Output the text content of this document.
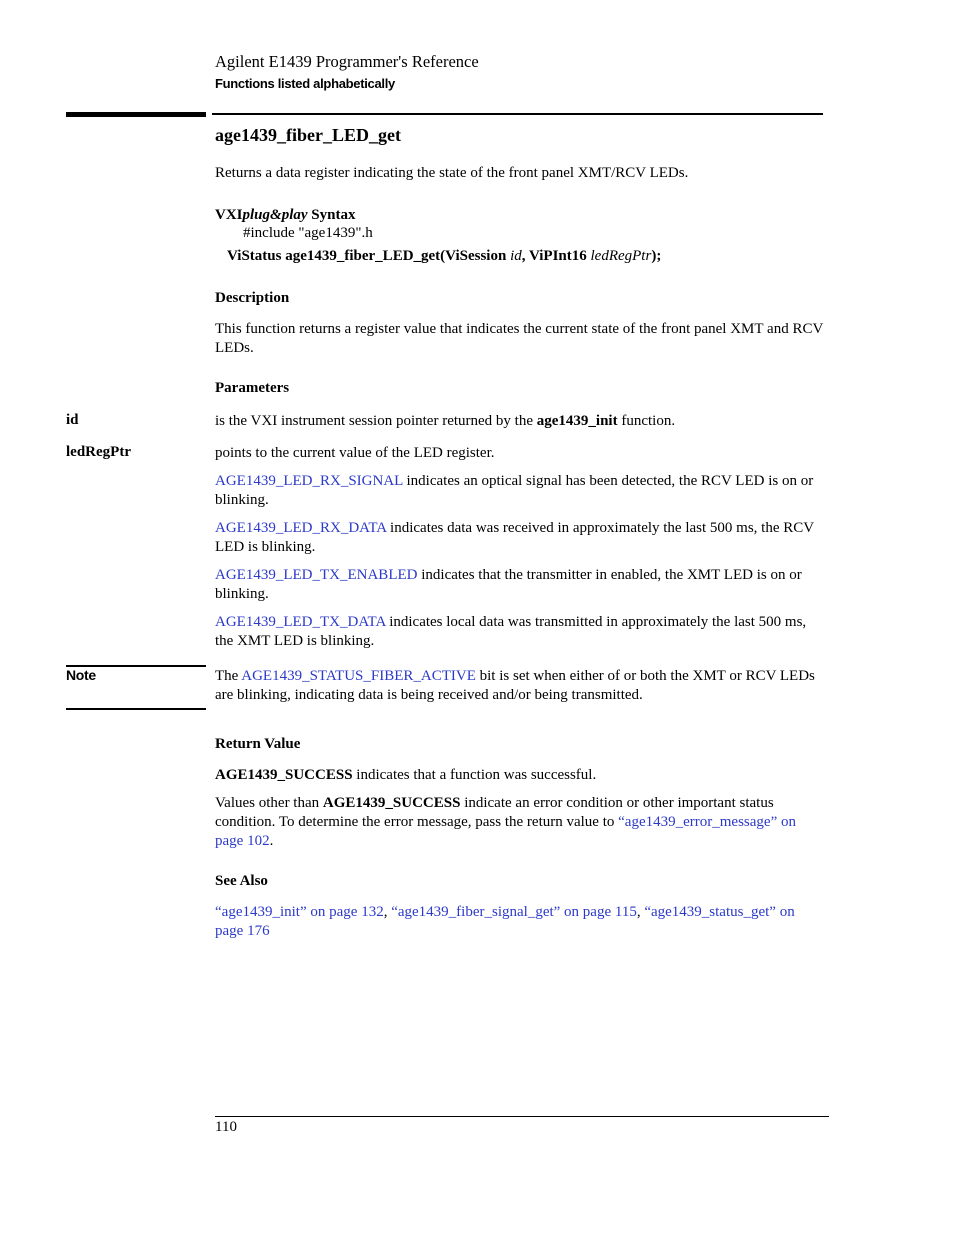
Agilent E1439 Programmer's Reference
Functions listed alphabetically
age1439_fiber_LED_get

Returns a data register indicating the state of the front panel XMT/RCV LEDs.

VXIplug&play Syntax
#include "age1439".h
ViStatus age1439_fiber_LED_get(ViSession id, ViPInt16 ledRegPtr);
Description

This function returns a register value that indicates the current state of the front panel XMT and RCV LEDs.

Parameters
id	is the VXI instrument session pointer returned by the age1439_init function.

ledRegPtr	points to the current value of the LED register.

AGE1439_LED_RX_SIGNAL indicates an optical signal has been detected, the RCV LED is on or blinking.

AGE1439_LED_RX_DATA indicates data was received in approximately the last 500 ms, the RCV LED is blinking.

AGE1439_LED_TX_ENABLED indicates that the transmitter in enabled, the XMT LED is on or blinking.

AGE1439_LED_TX_DATA indicates local data was transmitted in approximately the last 500 ms, the XMT LED is blinking.

Note	The AGE1439_STATUS_FIBER_ACTIVE bit is set when either of or both the XMT or RCV LEDs are blinking, indicating data is being received and/or being transmitted.

Return Value

AGE1439_SUCCESS indicates that a function was successful.

Values other than AGE1439_SUCCESS indicate an error condition or other important status condition. To determine the error message, pass the return value to “age1439_error_message” on page 102.

See Also

“age1439_init” on page 132, “age1439_fiber_signal_get” on page 115, “age1439_status_get” on page 176

110
